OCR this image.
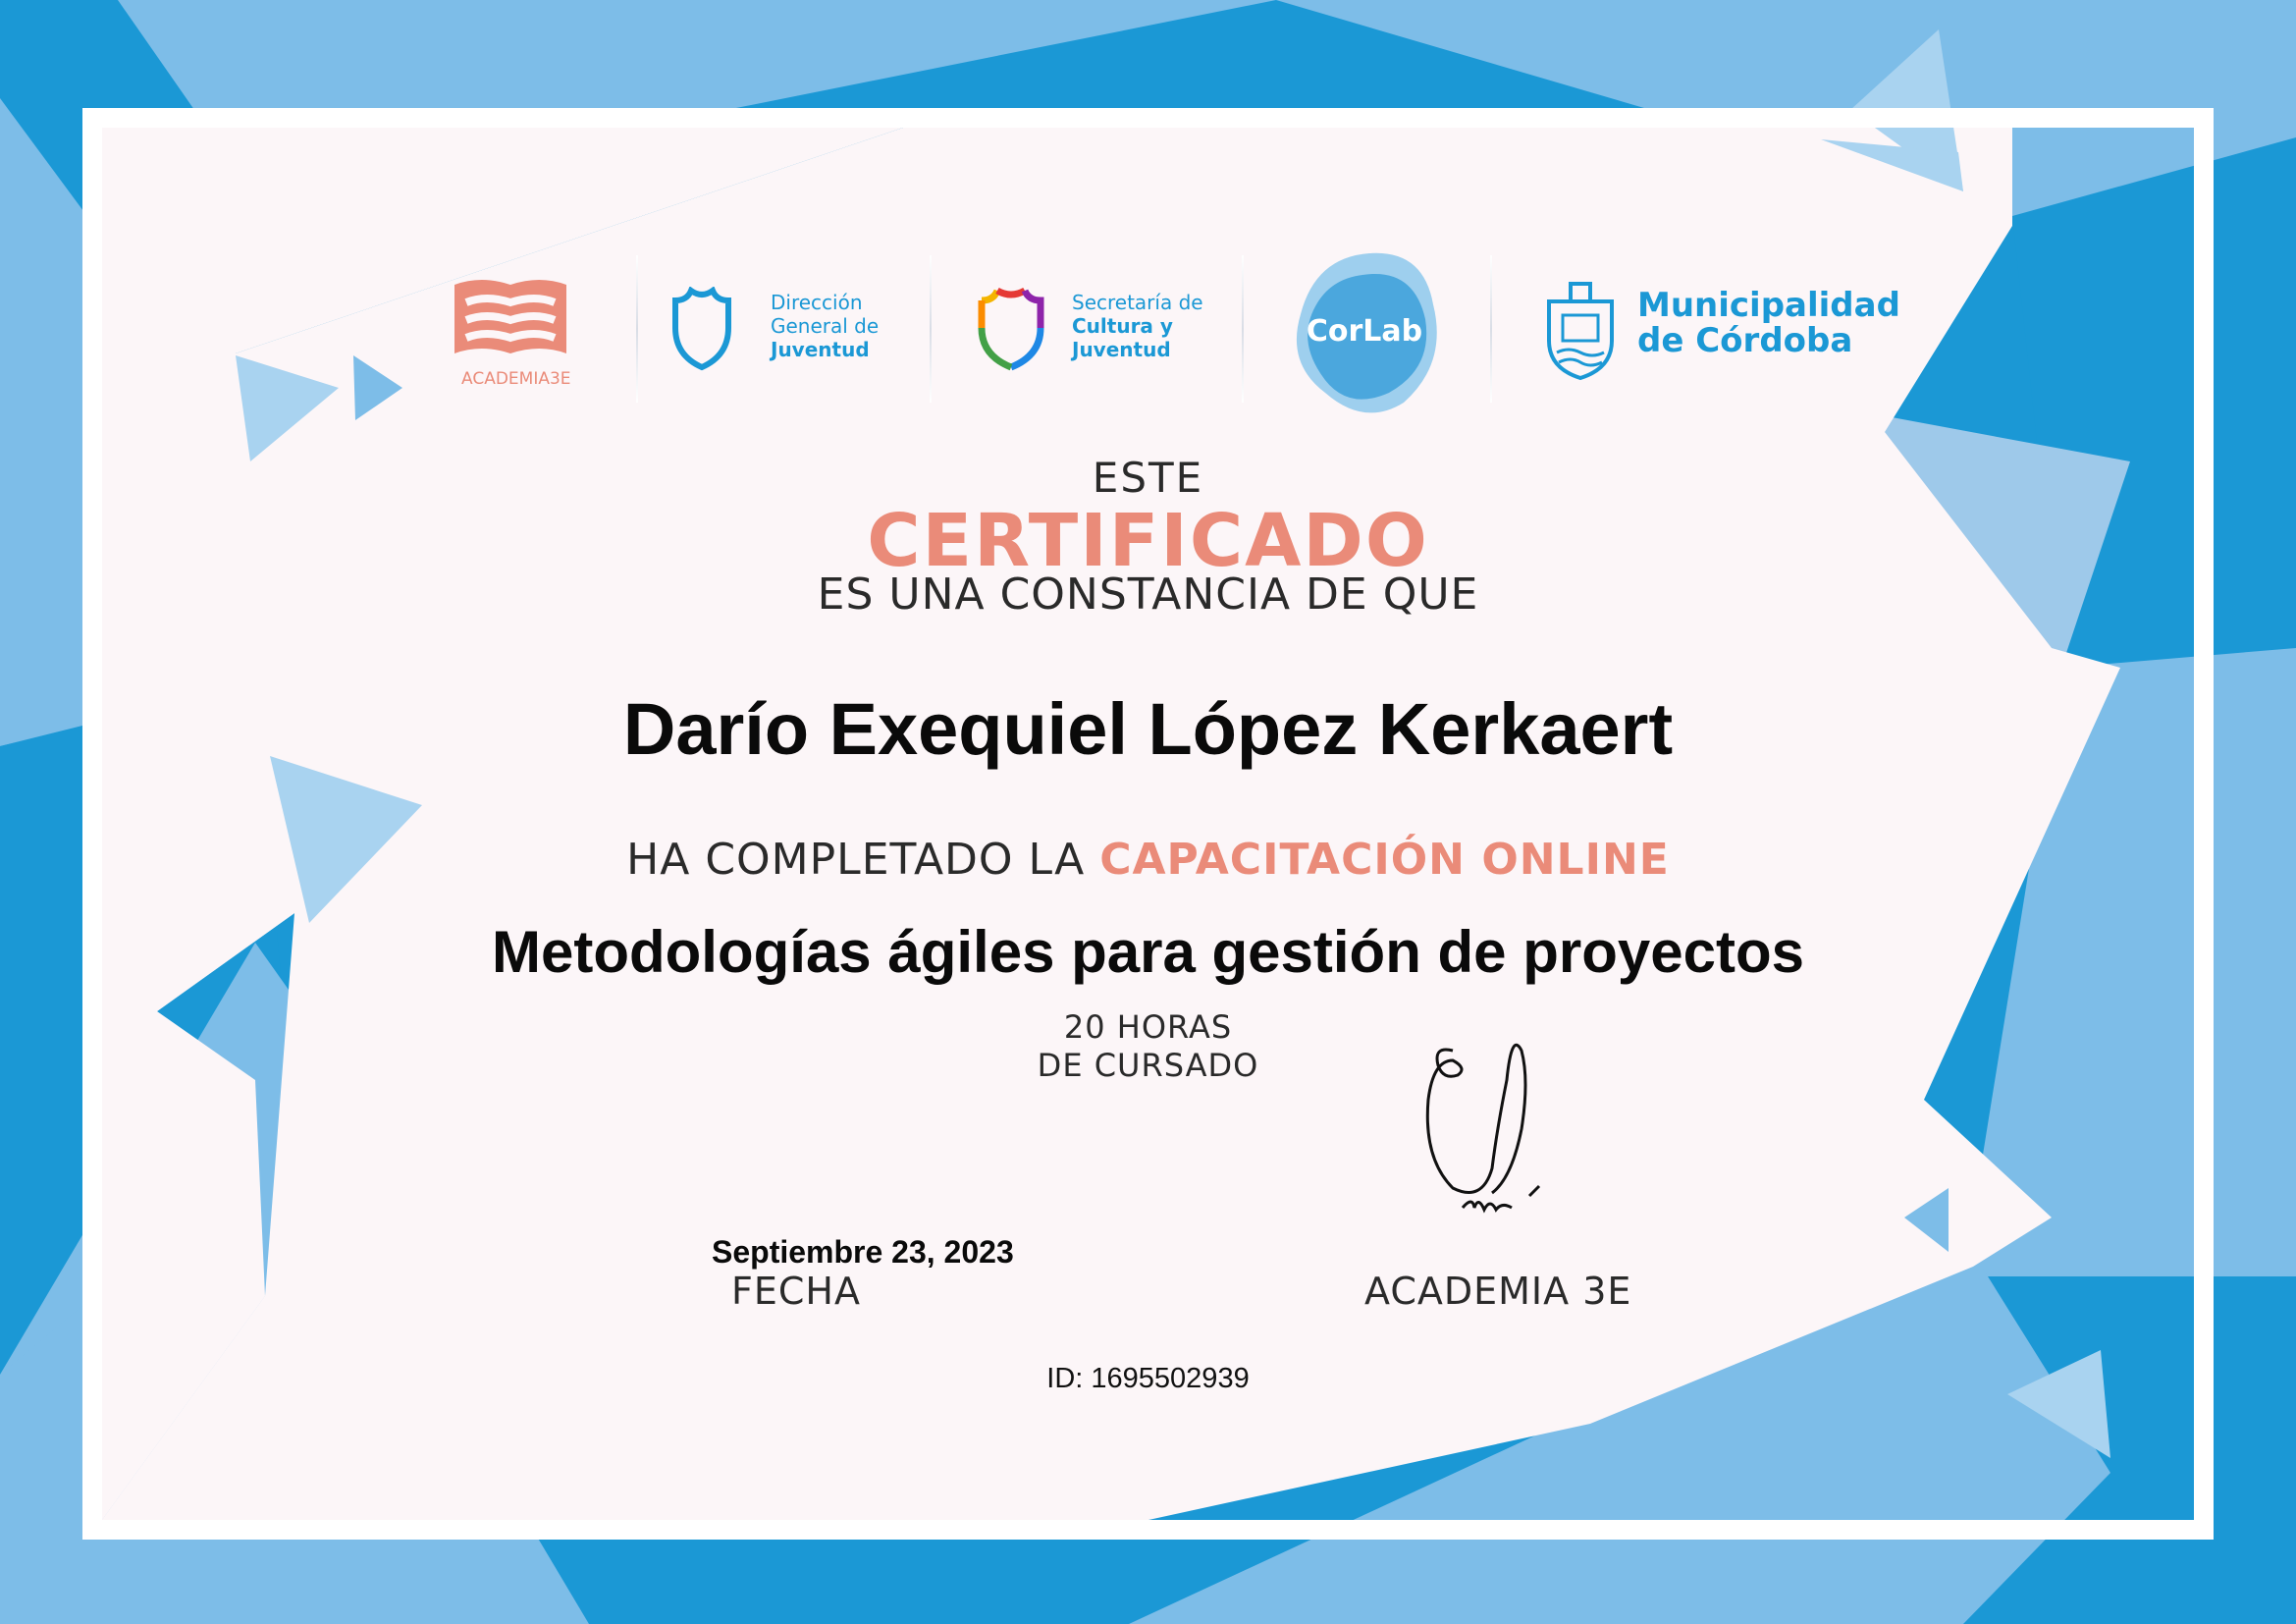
ACADEMIA3E
Dirección
General de
Juventud
Secretaría de
Cultura y
Juventud
CorLab
Municipalidad
de Córdoba
ESTE
CERTIFICADO
ES UNA CONSTANCIA DE QUE
Darío Exequiel López Kerkaert
HA COMPLETADO LA CAPACITACIÓN ONLINE
Metodologías ágiles para gestión de proyectos
20 HORAS
DE CURSADO
Septiembre 23, 2023
FECHA	ACADEMIA 3E
ID: 1695502939
